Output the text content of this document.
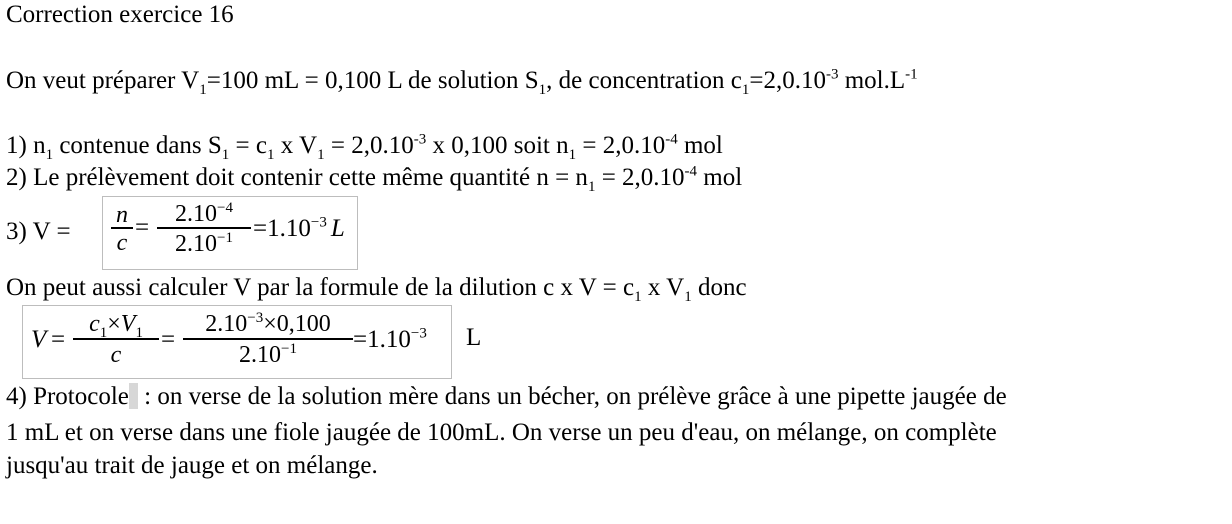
Correction exercice 16
On veut préparer $V_1=100$ mL = 0,100 L de solution $S_1$, de concentration $c_1=2,0.10^{-3}$ $mol.L^{-1}$
1) $n_1$ contenue dans $S_1 = c_1$ x $V_1 = 2,0.10^{-3}$ x 0,100 soit $n_1 = 2,0.10^{-4}$ mol
2) Le prélèvement doit contenir cette même quantité $n = n_1 = 2,0.10^{-4}$ mol
3) V =
n
c
=	$2.10^{-4}$
$2.10^{-1} =1.10^{-3}$ L
On peut aussi calculer V par la formule de la dilution c x $V = c_1$ x $V_1$ donc
V =
$c_1\times V_1$
c
=
$2.10^{-3}\times 0,100$
$2.10^{-1}$	$=1.10^{-3}$ L
4) Protocole : on verse de la solution mère dans un bécher, on prélève grâce à une pipette jaugée de
1 mL et on verse dans une fiole jaugée de 100mL. On verse un peu d'eau, on mélange, on complète
jusqu'au trait de jauge et on mélange.
